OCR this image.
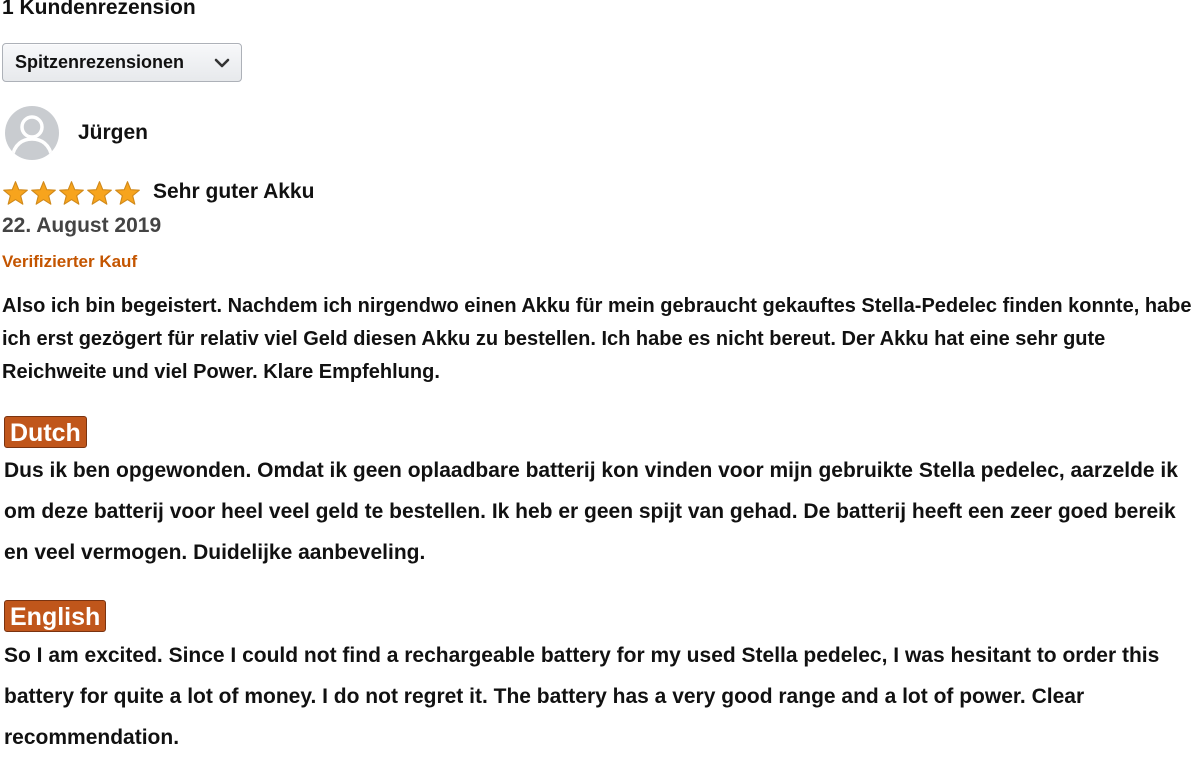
1 Kundenrezension
Spitzenrezensionen
Jürgen
Sehr guter Akku
22. August 2019
Verifizierter Kauf

Also ich bin begeistert. Nachdem ich nirgendwo einen Akku für mein gebraucht gekauftes Stella-Pedelec finden konnte, habe ich erst gezögert für relativ viel Geld diesen Akku zu bestellen. Ich habe es nicht bereut. Der Akku hat eine sehr gute Reichweite und viel Power. Klare Empfehlung.

Dutch

Dus ik ben opgewonden. Omdat ik geen oplaadbare batterij kon vinden voor mijn gebruikte Stella pedelec, aarzelde ik om deze batterij voor heel veel geld te bestellen. Ik heb er geen spijt van gehad. De batterij heeft een zeer goed bereik en veel vermogen. Duidelijke aanbeveling.

English

So I am excited. Since I could not find a rechargeable battery for my used Stella pedelec, I was hesitant to order this battery for quite a lot of money. I do not regret it. The battery has a very good range and a lot of power. Clear recommendation.
